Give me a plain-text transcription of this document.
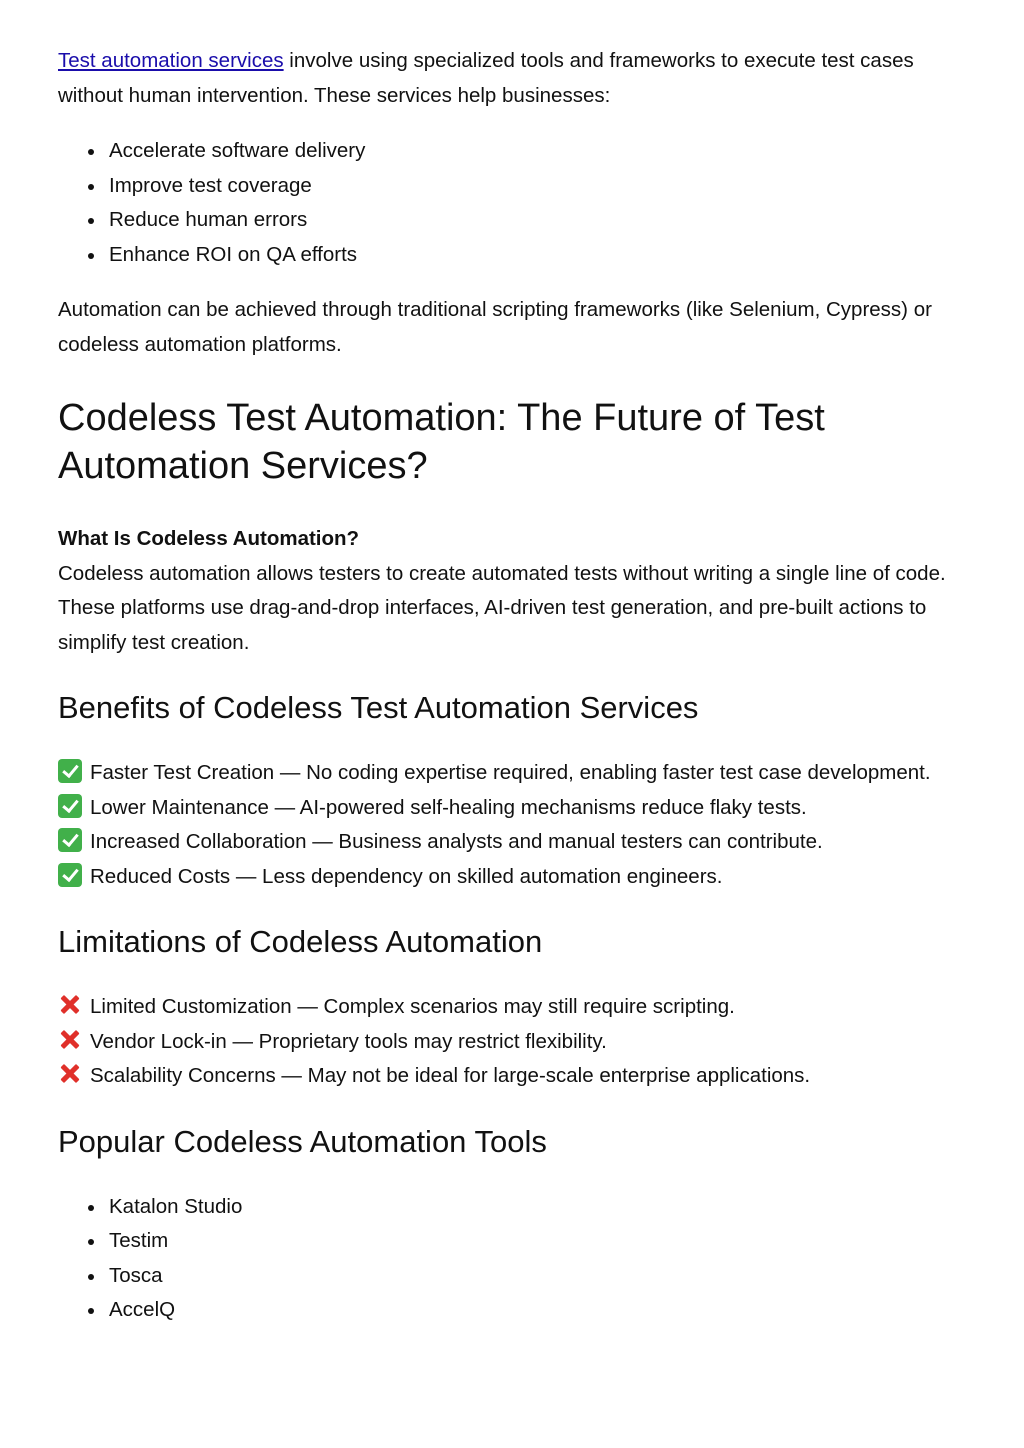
Test automation services involve using specialized tools and frameworks to execute test cases without human intervention. These services help businesses:

Accelerate software delivery
Improve test coverage
Reduce human errors
Enhance ROI on QA efforts

Automation can be achieved through traditional scripting frameworks (like Selenium, Cypress) or codeless automation platforms.

Codeless Test Automation: The Future of Test Automation Services?
What Is Codeless Automation?

Codeless automation allows testers to create automated tests without writing a single line of code. These platforms use drag-and-drop interfaces, AI-driven test generation, and pre-built actions to simplify test creation.

Benefits of Codeless Test Automation Services
Faster Test Creation — No coding expertise required, enabling faster test case development.
Lower Maintenance — AI-powered self-healing mechanisms reduce flaky tests.
Increased Collaboration — Business analysts and manual testers can contribute.
Reduced Costs — Less dependency on skilled automation engineers.
Limitations of Codeless Automation
Limited Customization — Complex scenarios may still require scripting.
Vendor Lock-in — Proprietary tools may restrict flexibility.
Scalability Concerns — May not be ideal for large-scale enterprise applications.
Popular Codeless Automation Tools
Katalon Studio
Testim
Tosca
AccelQ
